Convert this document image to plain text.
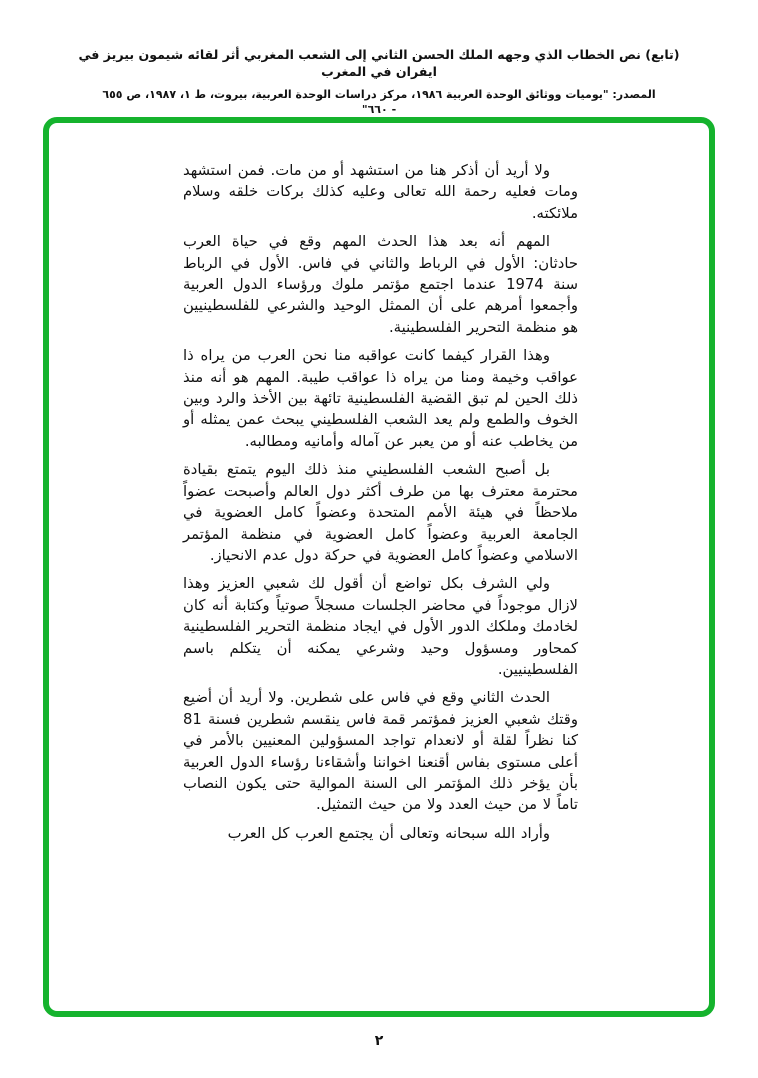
(تابع) نص الخطاب الذي وجهه الملك الحسن الثاني إلى الشعب المغربي أثر لقائه شيمون بيريز في ايفران في المغرب
المصدر: "يوميات ووثائق الوحدة العربية ١٩٨٦، مركز دراسات الوحدة العربية، بيروت، ط ١، ١٩٨٧، ص ٦٥٥ - ٦٦٠"

ولا أريد أن أذكر هنا من استشهد أو من مات. فمن استشهد ومات فعليه رحمة الله تعالى وعليه كذلك بركات خلقه وسلام ملائكته.

المهم أنه بعد هذا الحدث المهم وقع في حياة العرب حادثان: الأول في الرباط والثاني في فاس. الأول في الرباط سنة 1974 عندما اجتمع مؤتمر ملوك ورؤساء الدول العربية وأجمعوا أمرهم على أن الممثل الوحيد والشرعي للفلسطينيين هو منظمة التحرير الفلسطينية.

وهذا القرار كيفما كانت عواقبه منا نحن العرب من يراه ذا عواقب وخيمة ومنا من يراه ذا عواقب طيبة. المهم هو أنه منذ ذلك الحين لم تبق القضية الفلسطينية تائهة بين الأخذ والرد وبين الخوف والطمع ولم يعد الشعب الفلسطيني يبحث عمن يمثله أو من يخاطب عنه أو من يعبر عن آماله وأمانيه ومطالبه.

بل أصبح الشعب الفلسطيني منذ ذلك اليوم يتمتع بقيادة محترمة معترف بها من طرف أكثر دول العالم وأصبحت عضواً ملاحظاً في هيئة الأمم المتحدة وعضواً كامل العضوية في الجامعة العربية وعضواً كامل العضوية في منظمة المؤتمر الاسلامي وعضواً كامل العضوية في حركة دول عدم الانحياز.

ولي الشرف بكل تواضع أن أقول لك شعبي العزيز وهذا لازال موجوداً في محاضر الجلسات مسجلاً صوتياً وكتابة أنه كان لخادمك وملكك الدور الأول في ايجاد منظمة التحرير الفلسطينية كمحاور ومسؤول وحيد وشرعي يمكنه أن يتكلم باسم الفلسطينيين.

الحدث الثاني وقع في فاس على شطرين. ولا أريد أن أضيع وقتك شعبي العزيز فمؤتمر قمة فاس ينقسم شطرين فسنة 81 كنا نظراً لقلة أو لانعدام تواجد المسؤولين المعنيين بالأمر في أعلى مستوى بفاس أقنعنا اخواننا وأشقاءنا رؤساء الدول العربية بأن يؤخر ذلك المؤتمر الى السنة الموالية حتى يكون النصاب تاماً لا من حيث العدد ولا من حيث التمثيل.

وأراد الله سبحانه وتعالى أن يجتمع العرب كل العرب

٢
